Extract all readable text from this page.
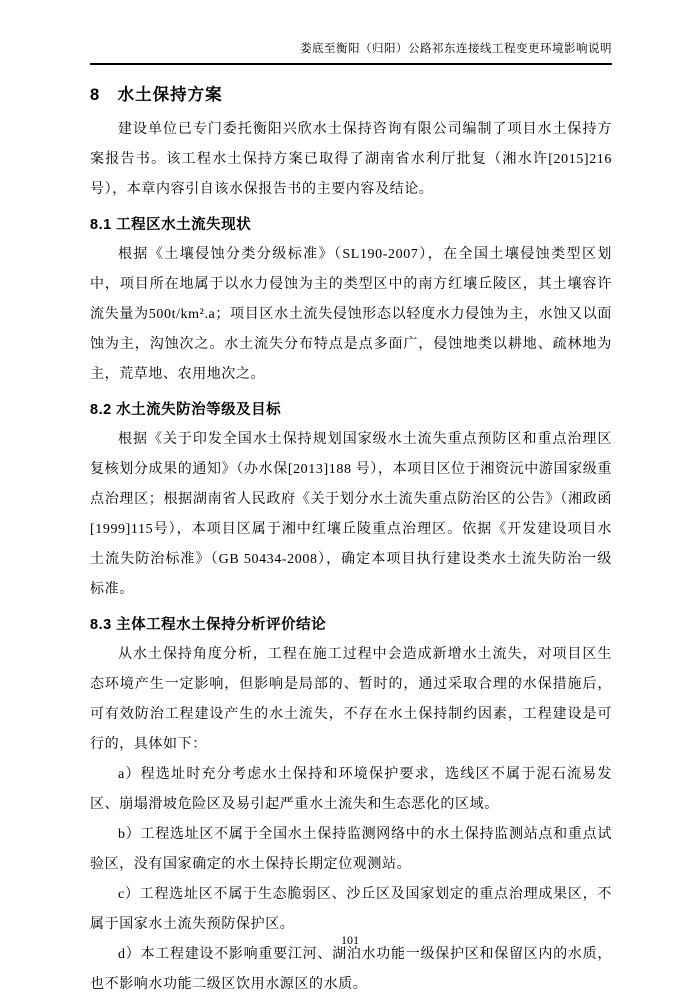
娄底至衡阳（归阳）公路祁东连接线工程变更环境影响说明
8　水土保持方案

建设单位已专门委托衡阳兴欣水土保持咨询有限公司编制了项目水土保持方案报告书。该工程水土保持方案已取得了湖南省水利厅批复（湘水许[2015]216号），本章内容引自该水保报告书的主要内容及结论。

8.1 工程区水土流失现状

根据《土壤侵蚀分类分级标准》（SL190-2007），在全国土壤侵蚀类型区划中，项目所在地属于以水力侵蚀为主的类型区中的南方红壤丘陵区，其土壤容许流失量为500t/km².a；项目区水土流失侵蚀形态以轻度水力侵蚀为主，水蚀又以面蚀为主，沟蚀次之。水土流失分布特点是点多面广，侵蚀地类以耕地、疏林地为主，荒草地、农用地次之。

8.2 水土流失防治等级及目标

根据《关于印发全国水土保持规划国家级水土流失重点预防区和重点治理区复核划分成果的通知》（办水保[2013]188 号），本项目区位于湘资沅中游国家级重点治理区；根据湖南省人民政府《关于划分水土流失重点防治区的公告》（湘政函[1999]115号），本项目区属于湘中红壤丘陵重点治理区。依据《开发建设项目水土流失防治标准》（GB 50434-2008），确定本项目执行建设类水土流失防治一级标准。

8.3 主体工程水土保持分析评价结论

从水土保持角度分析，工程在施工过程中会造成新增水土流失，对项目区生态环境产生一定影响，但影响是局部的、暂时的，通过采取合理的水保措施后，可有效防治工程建设产生的水土流失，不存在水土保持制约因素，工程建设是可行的，具体如下：

a）程选址时充分考虑水土保持和环境保护要求，选线区不属于泥石流易发区、崩塌滑坡危险区及易引起严重水土流失和生态恶化的区域。

b）工程选址区不属于全国水土保持监测网络中的水土保持监测站点和重点试验区，没有国家确定的水土保持长期定位观测站。

c）工程选址区不属于生态脆弱区、沙丘区及国家划定的重点治理成果区，不属于国家水土流失预防保护区。

d）本工程建设不影响重要江河、湖泊水功能一级保护区和保留区内的水质，也不影响水功能二级区饮用水源区的水质。

101
